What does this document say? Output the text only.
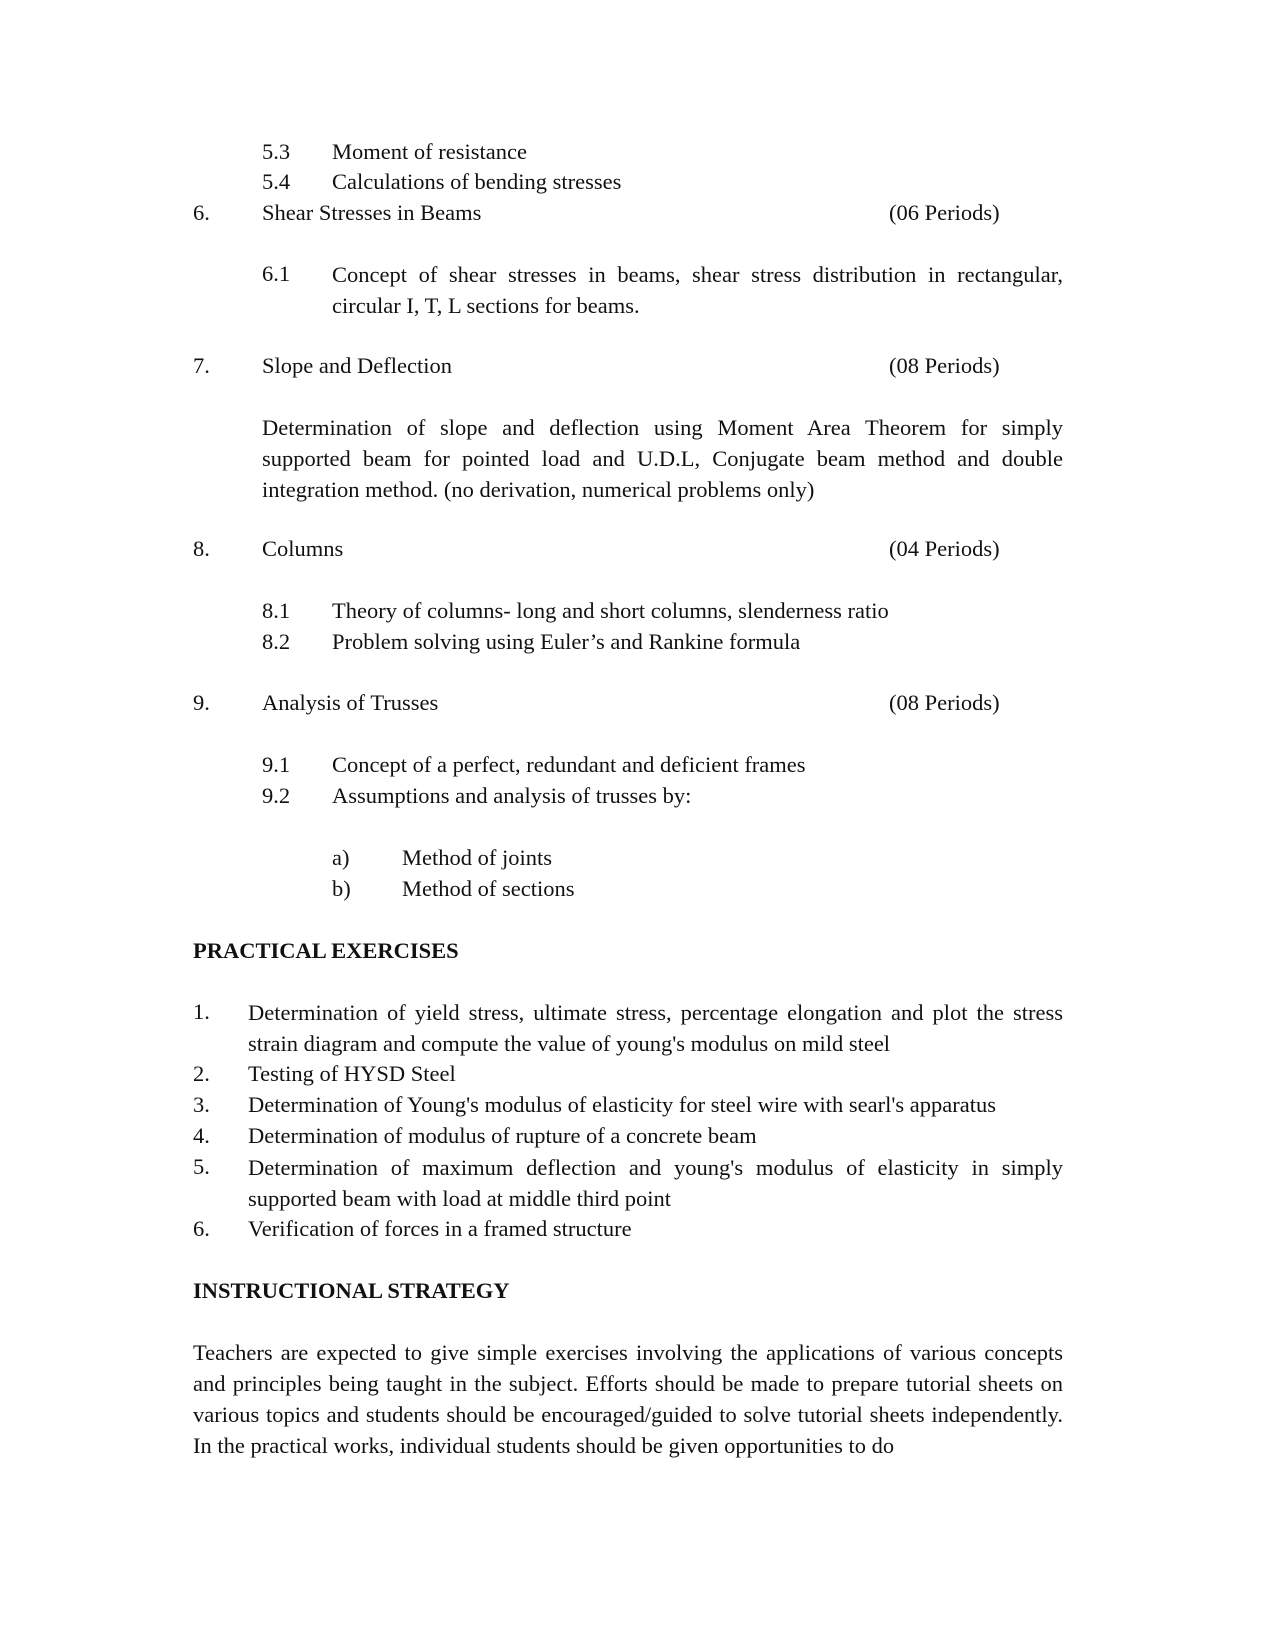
5.3 Moment of resistance
5.4 Calculations of bending stresses
6. Shear Stresses in Beams	(06 Periods)
6.1 Concept of shear stresses in beams, shear stress distribution in rectangular, circular I, T, L sections for beams.
7. Slope and Deflection	(08 Periods)
Determination of slope and deflection using Moment Area Theorem for simply supported beam for pointed load and U.D.L, Conjugate beam method and double integration method. (no derivation, numerical problems only)
8. Columns	(04 Periods)
8.1 Theory of columns- long and short columns, slenderness ratio
8.2 Problem solving using Euler’s and Rankine formula
9. Analysis of Trusses	(08 Periods)
9.1 Concept of a perfect, redundant and deficient frames
9.2 Assumptions and analysis of trusses by:
a) Method of joints
b) Method of sections
PRACTICAL EXERCISES
1. Determination of yield stress, ultimate stress, percentage elongation and plot the stress strain diagram and compute the value of young's modulus on mild steel
2. Testing of HYSD Steel
3. Determination of Young's modulus of elasticity for steel wire with searl's apparatus
4. Determination of modulus of rupture of a concrete beam
5. Determination of maximum deflection and young's modulus of elasticity in simply supported beam with load at middle third point
6. Verification of forces in a framed structure
INSTRUCTIONAL STRATEGY
Teachers are expected to give simple exercises involving the applications of various concepts and principles being taught in the subject. Efforts should be made to prepare tutorial sheets on various topics and students should be encouraged/guided to solve tutorial sheets independently. In the practical works, individual students should be given opportunities to do
